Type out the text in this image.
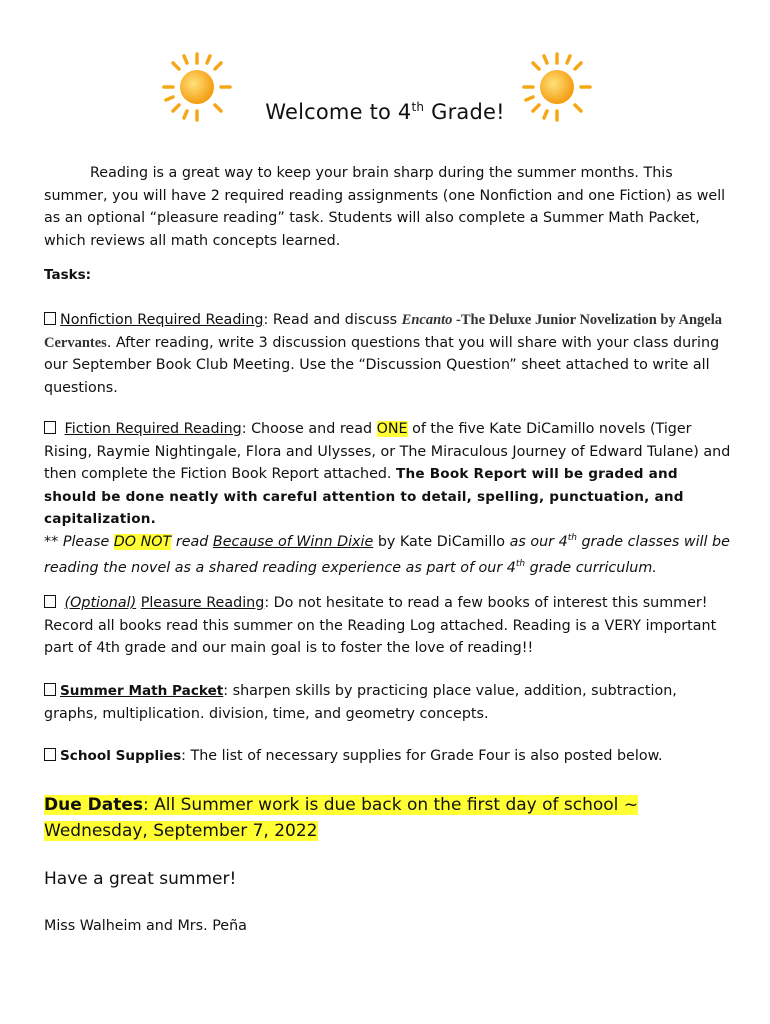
Welcome to 4th Grade!
Reading is a great way to keep your brain sharp during the summer months. This summer, you will have 2 required reading assignments (one Nonfiction and one Fiction) as well as an optional “pleasure reading” task. Students will also complete a Summer Math Packet, which reviews all math concepts learned.
Tasks:
Nonfiction Required Reading: Read and discuss Encanto -The Deluxe Junior Novelization by Angela Cervantes. After reading, write 3 discussion questions that you will share with your class during our September Book Club Meeting. Use the “Discussion Question” sheet attached to write all questions.
Fiction Required Reading: Choose and read ONE of the five Kate DiCamillo novels (Tiger Rising, Raymie Nightingale, Flora and Ulysses, or The Miraculous Journey of Edward Tulane) and then complete the Fiction Book Report attached. The Book Report will be graded and should be done neatly with careful attention to detail, spelling, punctuation, and capitalization.
** Please DO NOT read Because of Winn Dixie by Kate DiCamillo as our 4th grade classes will be reading the novel as a shared reading experience as part of our 4th grade curriculum.
(Optional) Pleasure Reading: Do not hesitate to read a few books of interest this summer! Record all books read this summer on the Reading Log attached. Reading is a VERY important part of 4th grade and our main goal is to foster the love of reading!!
Summer Math Packet: sharpen skills by practicing place value, addition, subtraction, graphs, multiplication. division, time, and geometry concepts.
School Supplies: The list of necessary supplies for Grade Four is also posted below.
Due Dates: All Summer work is due back on the first day of school ~
Wednesday, September 7, 2022
Have a great summer!
Miss Walheim and Mrs. Peña
